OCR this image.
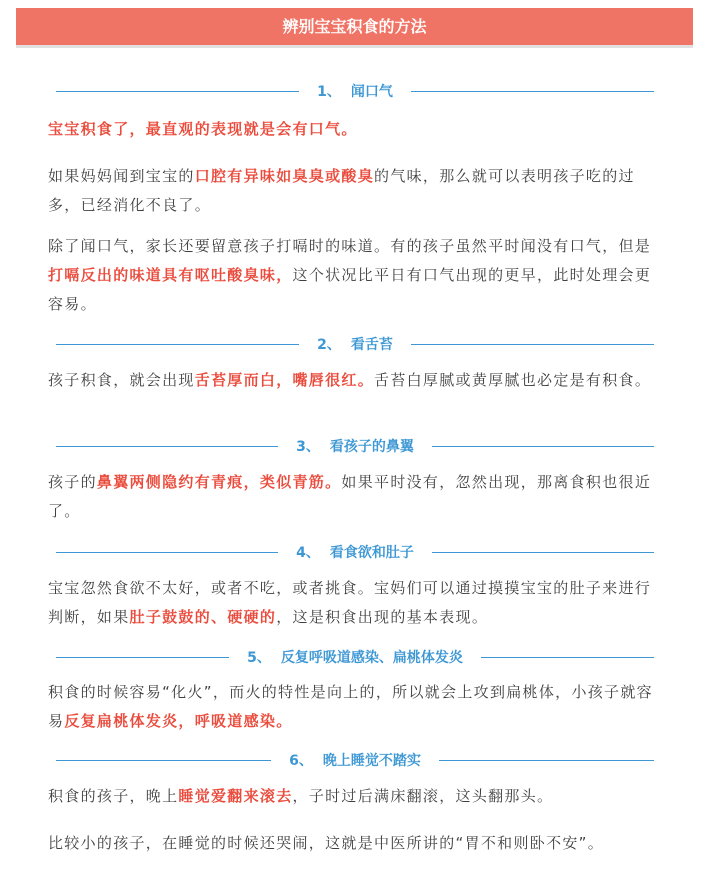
辨别宝宝积食的方法
1、 闻口气

宝宝积食了，最直观的表现就是会有口气。

如果妈妈闻到宝宝的口腔有异味如臭臭或酸臭的气味，那么就可以表明孩子吃的过多，已经消化不良了。

除了闻口气，家长还要留意孩子打嗝时的味道。有的孩子虽然平时闻没有口气，但是打嗝反出的味道具有呕吐酸臭味，这个状况比平日有口气出现的更早，此时处理会更容易。

2、 看舌苔

孩子积食，就会出现舌苔厚而白，嘴唇很红。舌苔白厚腻或黄厚腻也必定是有积食。

3、 看孩子的鼻翼

孩子的鼻翼两侧隐约有青痕，类似青筋。如果平时没有，忽然出现，那离食积也很近了。

4、 看食欲和肚子

宝宝忽然食欲不太好，或者不吃，或者挑食。宝妈们可以通过摸摸宝宝的肚子来进行判断，如果肚子鼓鼓的、硬硬的，这是积食出现的基本表现。

5、 反复呼吸道感染、扁桃体发炎

积食的时候容易“化火”，而火的特性是向上的，所以就会上攻到扁桃体，小孩子就容易反复扁桃体发炎，呼吸道感染。

6、 晚上睡觉不踏实

积食的孩子，晚上睡觉爱翻来滚去，子时过后满床翻滚，这头翻那头。

比较小的孩子，在睡觉的时候还哭闹，这就是中医所讲的“胃不和则卧不安”。
